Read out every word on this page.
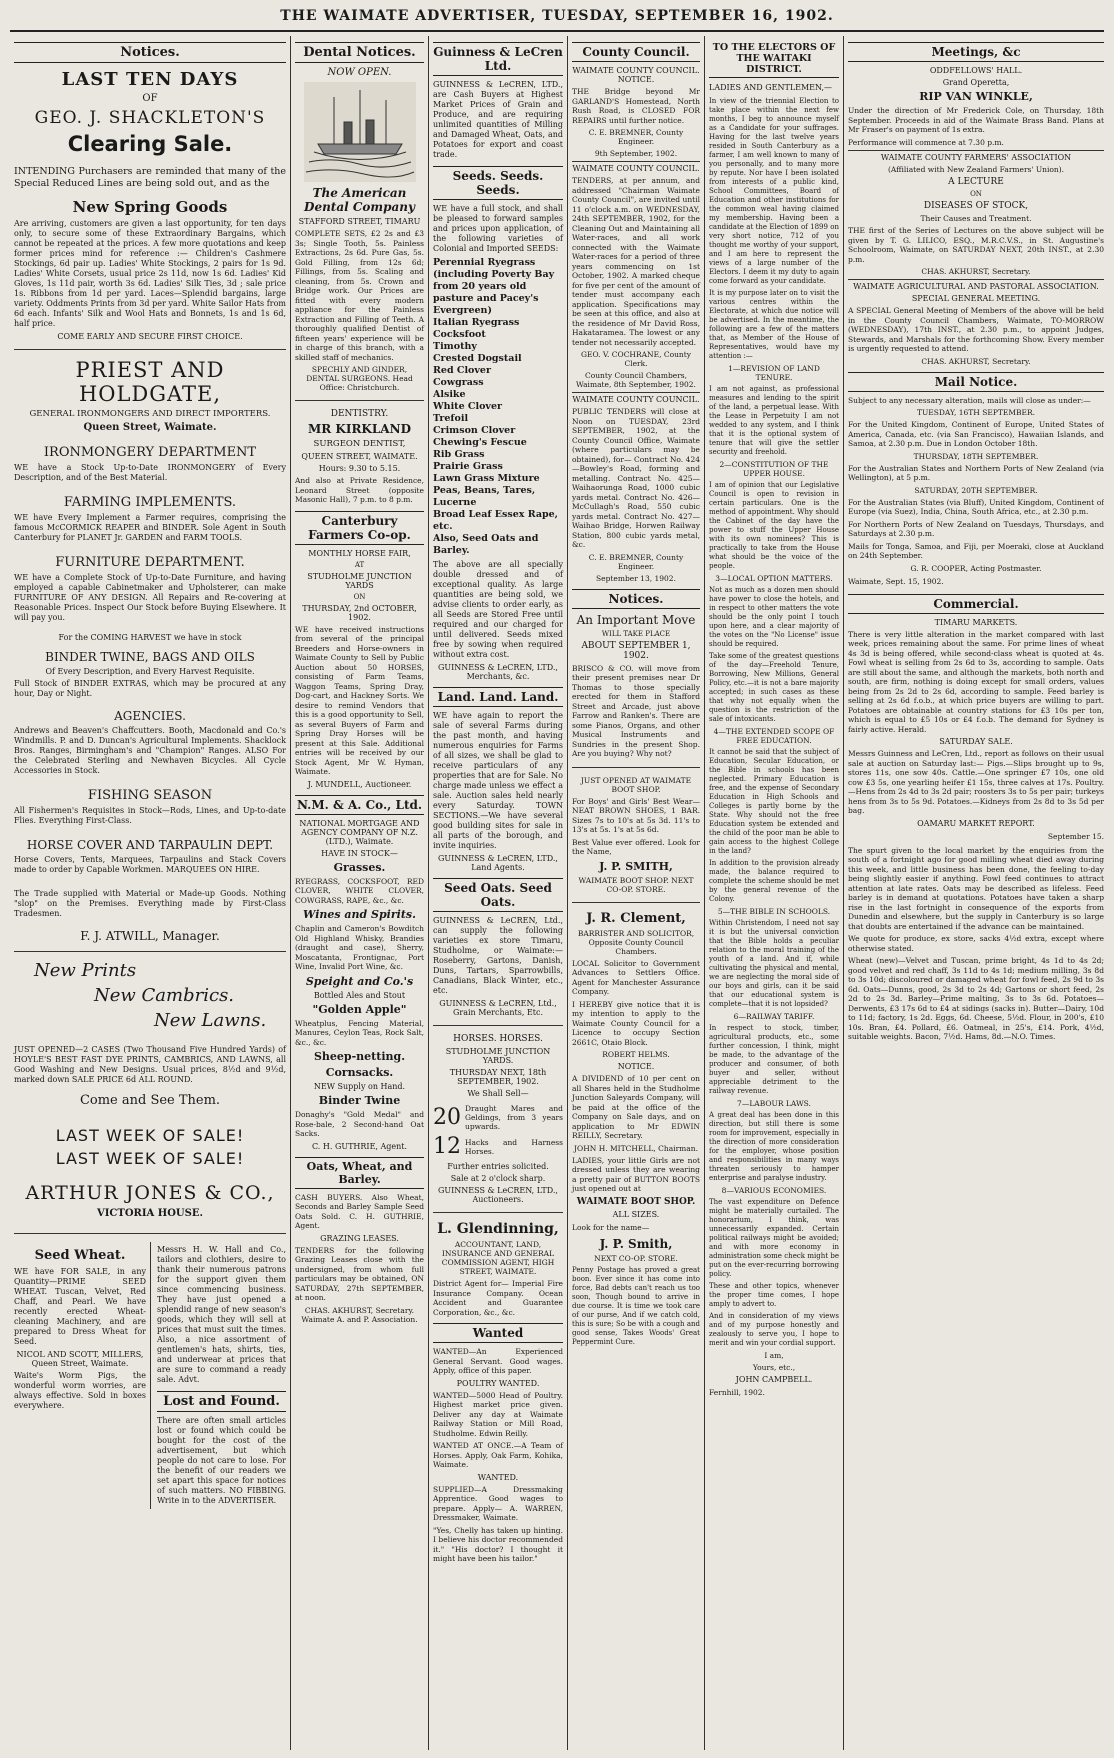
THE WAIMATE ADVERTISER, TUESDAY, SEPTEMBER 16, 1902.
Notices.
LAST TEN DAYS
OF
GEO. J. SHACKLETON'S
Clearing Sale.
INTENDING Purchasers are reminded that many of the Special Reduced Lines are being sold out, and as the
New Spring Goods
Are arriving, customers are given a last opportunity, for ten days only, to secure some of these Extraordinary Bargains, which cannot be repeated at the prices. A few more quotations and keep former prices mind for reference :— Children's Cashmere Stockings, 6d pair up. Ladies' White Stockings, 2 pairs for 1s 9d. Ladies' White Corsets, usual price 2s 11d, now 1s 6d. Ladies' Kid Gloves, 1s 11d pair, worth 3s 6d. Ladies' Silk Ties, 3d ; sale price 1s. Ribbons from 1d per yard. Laces—Splendid bargains, large variety. Oddments Prints from 3d per yard. White Sailor Hats from 6d each. Infants' Silk and Wool Hats and Bonnets, 1s and 1s 6d, half price.
COME EARLY AND SECURE FIRST CHOICE.
PRIEST AND HOLDGATE,
GENERAL IRONMONGERS AND DIRECT IMPORTERS.
Queen Street, Waimate.
IRONMONGERY DEPARTMENT
WE have a Stock Up-to-Date IRONMONGERY of Every Description, and of the Best Material.
FARMING IMPLEMENTS.
WE have Every Implement a Farmer requires, comprising the famous McCORMICK REAPER and BINDER. Sole Agent in South Canterbury for PLANET Jr. GARDEN and FARM TOOLS.
FURNITURE DEPARTMENT.
WE have a Complete Stock of Up-to-Date Furniture, and having employed a capable Cabinetmaker and Upholsterer, can make FURNITURE OF ANY DESIGN. All Repairs and Re-covering at Reasonable Prices. Inspect Our Stock before Buying Elsewhere. It will pay you.
For the COMING HARVEST we have in stock
BINDER TWINE, BAGS AND OILS
Of Every Description, and Every Harvest Requisite.
Full Stock of BINDER EXTRAS, which may be procured at any hour, Day or Night.
AGENCIES.
Andrews and Beaven's Chaffcutters. Booth, Macdonald and Co.'s Windmills. P. and D. Duncan's Agricultural Implements. Shacklock Bros. Ranges, Birmingham's and "Champion" Ranges. ALSO For the Celebrated Sterling and Newhaven Bicycles. All Cycle Accessories in Stock.
FISHING SEASON
All Fishermen's Requisites in Stock—Rods, Lines, and Up-to-date Flies. Everything First-Class.
HORSE COVER AND TARPAULIN DEPT.
Horse Covers, Tents, Marquees, Tarpaulins and Stack Covers made to order by Capable Workmen. MARQUEES ON HIRE.
The Trade supplied with Material or Made-up Goods. Nothing "slop" on the Premises. Everything made by First-Class Tradesmen.
F. J. ATWILL, Manager.
New Prints
New Cambrics.
New Lawns.
JUST OPENED—2 CASES (Two Thousand Five Hundred Yards) of HOYLE'S BEST FAST DYE PRINTS, CAMBRICS, AND LAWNS, all Good Washing and New Designs. Usual prices, 8½d and 9½d, marked down SALE PRICE 6d ALL ROUND.
Come and See Them.
LAST WEEK OF SALE!
LAST WEEK OF SALE!
ARTHUR JONES & CO.,
VICTORIA HOUSE.
Seed Wheat.
WE have FOR SALE, in any Quantity—PRIME SEED WHEAT. Tuscan, Velvet, Red Chaff, and Pearl. We have recently erected Wheat-cleaning Machinery, and are prepared to Dress Wheat for Seed.
NICOL AND SCOTT, MILLERS, Queen Street, Waimate.
Waite's Worm Pigs, the wonderful worm worries, are always effective. Sold in boxes everywhere.
Messrs H. W. Hall and Co., tailors and clothiers, desire to thank their numerous patrons for the support given them since commencing business. They have just opened a splendid range of new season's goods, which they will sell at prices that must suit the times. Also, a nice assortment of gentlemen's hats, shirts, ties, and underwear at prices that are sure to command a ready sale. Advt.
Lost and Found.
There are often small articles lost or found which could be bought for the cost of the advertisement, but which people do not care to lose. For the benefit of our readers we set apart this space for notices of such matters. NO FIBBING. Write in to the ADVERTISER.
Dental Notices.
NOW OPEN.
The American Dental Company
STAFFORD STREET, TIMARU
COMPLETE SETS, £2 2s and £3 3s; Single Tooth, 5s. Painless Extractions, 2s 6d. Pure Gas, 5s. Gold Filling, from 12s 6d; Fillings, from 5s. Scaling and cleaning, from 5s. Crown and Bridge work. Our Prices are fitted with every modern appliance for the Painless Extraction and Filling of Teeth. A thoroughly qualified Dentist of fifteen years' experience will be in charge of this branch, with a skilled staff of mechanics.
SPECHLY AND GINDER, DENTAL SURGEONS. Head Office: Christchurch.
DENTISTRY.
MR KIRKLAND
SURGEON DENTIST,
QUEEN STREET, WAIMATE.
Hours: 9.30 to 5.15.
And also at Private Residence, Leonard Street (opposite Masonic Hall), 7 p.m. to 8 p.m.
Canterbury Farmers Co-op.
MONTHLY HORSE FAIR,
AT
STUDHOLME JUNCTION YARDS
ON
THURSDAY, 2nd OCTOBER, 1902.
WE have received instructions from several of the principal Breeders and Horse-owners in Waimate County to Sell by Public Auction about 50 HORSES, consisting of Farm Teams, Waggon Teams, Spring Dray, Dog-cart, and Hackney Sorts. We desire to remind Vendors that this is a good opportunity to Sell, as several Buyers of Farm and Spring Dray Horses will be present at this Sale. Additional entries will be received by our Stock Agent, Mr W. Hyman, Waimate.
J. MUNDELL, Auctioneer.
N.M. & A. Co., Ltd.
NATIONAL MORTGAGE AND AGENCY COMPANY OF N.Z. (LTD.), Waimate.
HAVE IN STOCK—
Grasses.
RYEGRASS, COCKSFOOT, RED CLOVER, WHITE CLOVER, COWGRASS, RAPE, &c., &c.
Wines and Spirits.
Chaplin and Cameron's Bowditch Old Highland Whisky, Brandies (draught and case), Sherry, Moscatanta, Frontignac, Port Wine, Invalid Port Wine, &c.
Speight and Co.'s
Bottled Ales and Stout
"Golden Apple"
Wheatplus, Fencing Material, Manures, Ceylon Teas, Rock Salt, &c., &c.
Sheep-netting.
Cornsacks.
NEW Supply on Hand.
Binder Twine
Donaghy's "Gold Medal" and Rose-bale, 2 Second-hand Oat Sacks.
C. H. GUTHRIE, Agent.
Oats, Wheat, and Barley.
CASH BUYERS. Also Wheat, Seconds and Barley Sample Seed Oats Sold. C. H. GUTHRIE, Agent.
GRAZING LEASES.
TENDERS for the following Grazing Leases close with the undersigned, from whom full particulars may be obtained, ON SATURDAY, 27th SEPTEMBER, at noon.
CHAS. AKHURST, Secretary. Waimate A. and P. Association.
Guinness & LeCren Ltd.
GUINNESS & LeCREN, LTD., are Cash Buyers at Highest Market Prices of Grain and Produce, and are requiring unlimited quantities of Milling and Damaged Wheat, Oats, and Potatoes for export and coast trade.
Seeds. Seeds. Seeds.
WE have a full stock, and shall be pleased to forward samples and prices upon application, of the following varieties of Colonial and Imported SEEDS:
Perennial Ryegrass (including Poverty Bay from 20 years old pasture and Pacey's Evergreen)
Italian Ryegrass
Cocksfoot
Timothy
Crested Dogstail
Red Clover
Cowgrass
Alsike
White Clover
Trefoil
Crimson Clover
Chewing's Fescue
Rib Grass
Prairie Grass
Lawn Grass Mixture
Peas, Beans, Tares, Lucerne
Broad Leaf Essex Rape, etc.
Also, Seed Oats and Barley.
The above are all specially double dressed and of exceptional quality. As large quantities are being sold, we advise clients to order early, as all Seeds are Stored Free until required and our charged for until delivered. Seeds mixed free by sowing when required without extra cost.
GUINNESS & LeCREN, LTD., Merchants, &c.
Land. Land. Land.
WE have again to report the sale of several Farms during the past month, and having numerous enquiries for Farms of all sizes, we shall be glad to receive particulars of any properties that are for Sale. No charge made unless we effect a sale. Auction sales held nearly every Saturday. TOWN SECTIONS.—We have several good building sites for sale in all parts of the borough, and invite inquiries.
GUINNESS & LeCREN, LTD., Land Agents.
Seed Oats. Seed Oats.
GUINNESS & LeCREN, Ltd., can supply the following varieties ex store Timaru, Studholme, or Waimate:—Roseberry, Gartons, Danish, Duns, Tartars, Sparrowbills, Canadians, Black Winter, etc., etc.
GUINNESS & LeCREN, Ltd., Grain Merchants, Etc.
HORSES. HORSES.
STUDHOLME JUNCTION YARDS.
THURSDAY NEXT, 18th SEPTEMBER, 1902.
We Shall Sell—
20 Draught Mares and Geldings, from 3 years upwards.
12 Hacks and Harness Horses.
Further entries solicited.
Sale at 2 o'clock sharp.
GUINNESS & LeCREN, LTD., Auctioneers.
L. Glendinning,
ACCOUNTANT, LAND, INSURANCE AND GENERAL COMMISSION AGENT, HIGH STREET, WAIMATE.
District Agent for— Imperial Fire Insurance Company. Ocean Accident and Guarantee Corporation, &c., &c.
Wanted
WANTED—An Experienced General Servant. Good wages. Apply, office of this paper.
POULTRY WANTED.
WANTED—5000 Head of Poultry. Highest market price given. Deliver any day at Waimate Railway Station or Mill Road, Studholme. Edwin Reilly.
WANTED AT ONCE.—A Team of Horses. Apply, Oak Farm, Kohika, Waimate.
WANTED.
SUPPLIED—A Dressmaking Apprentice. Good wages to prepare. Apply— A. WARREN, Dressmaker, Waimate.
"Yes, Chelly has taken up hinting. I believe his doctor recommended it." "His doctor? I thought it might have been his tailor."
County Council.
WAIMATE COUNTY COUNCIL. NOTICE.
THE Bridge beyond Mr GARLAND'S Homestead, North Rush Road, is CLOSED FOR REPAIRS until further notice.
C. E. BREMNER, County Engineer.
9th September, 1902.
WAIMATE COUNTY COUNCIL.
TENDERS, at per annum, and addressed "Chairman Waimate County Council", are invited until 11 o'clock a.m. on WEDNESDAY, 24th SEPTEMBER, 1902, for the Cleaning Out and Maintaining all Water-races, and all work connected with the Waimate Water-races for a period of three years commencing on 1st October, 1902. A marked cheque for five per cent of the amount of tender must accompany each application. Specifications may be seen at this office, and also at the residence of Mr David Ross, Hakataramea. The lowest or any tender not necessarily accepted.
GEO. V. COCHRANE, County Clerk.
County Council Chambers, Waimate, 8th September, 1902.
WAIMATE COUNTY COUNCIL.
PUBLIC TENDERS will close at Noon on TUESDAY, 23rd SEPTEMBER, 1902, at the County Council Office, Waimate (where particulars may be obtained), for— Contract No. 424—Bowley's Road, forming and metalling. Contract No. 425—Waihaorunga Road, 1000 cubic yards metal. Contract No. 426—McCullagh's Road, 550 cubic yards metal. Contract No. 427—Waihao Bridge, Horwen Railway Station, 800 cubic yards metal, &c.
C. E. BREMNER, County Engineer.
September 13, 1902.
Notices.
An Important Move
WILL TAKE PLACE
ABOUT SEPTEMBER 1, 1902.
BRISCO & CO. will move from their present premises near Dr Thomas to those specially erected for them in Stafford Street and Arcade, just above Farrow and Ranken's. There are some Pianos, Organs, and other Musical Instruments and Sundries in the present Shop. Are you buying? Why not?
JUST OPENED AT WAIMATE BOOT SHOP.
For Boys' and Girls' Best Wear— NEAT BROWN SHOES, 1 BAR. Sizes 7s to 10's at 5s 3d. 11's to 13's at 5s. 1's at 5s 6d.
Best Value ever offered. Look for the Name,
J. P. SMITH,
WAIMATE BOOT SHOP. NEXT CO-OP. STORE.
J. R. Clement,
BARRISTER AND SOLICITOR, Opposite County Council Chambers.
LOCAL Solicitor to Government Advances to Settlers Office. Agent for Manchester Assurance Company.
I HEREBY give notice that it is my intention to apply to the Waimate County Council for a Licence to occupy Section 2661C, Otaio Block.
ROBERT HELMS.
NOTICE.
A DIVIDEND of 10 per cent on all Shares held in the Studholme Junction Saleyards Company, will be paid at the office of the Company on Sale days, and on application to Mr EDWIN REILLY, Secretary.
JOHN H. MITCHELL, Chairman.
LADIES, your little Girls are not dressed unless they are wearing a pretty pair of BUTTON BOOTS just opened out at
WAIMATE BOOT SHOP.
ALL SIZES.
Look for the name—
J. P. Smith,
NEXT CO-OP. STORE.
Penny Postage has proved a great boon. Ever since it has come into force, Bad debts can't reach us too soon, Though bound to arrive in due course. It is time we took care of our purse, And if we catch cold, this is sure; So be with a cough and good sense, Takes Woods' Great Peppermint Cure.
TO THE ELECTORS OF THE WAITAKI DISTRICT.
LADIES AND GENTLEMEN,—
In view of the triennial Election to take place within the next few months, I beg to announce myself as a Candidate for your suffrages. Having for the last twelve years resided in South Canterbury as a farmer, I am well known to many of you personally, and to many more by repute. Nor have I been isolated from interests of a public kind, School Committees, Board of Education and other institutions for the common weal having claimed my membership. Having been a candidate at the Election of 1899 on very short notice, 712 of you thought me worthy of your support, and I am here to represent the views of a large number of the Electors. I deem it my duty to again come forward as your candidate.
It is my purpose later on to visit the various centres within the Electorate, at which due notice will be advertised. In the meantime, the following are a few of the matters that, as Member of the House of Representatives, would have my attention :—
1—REVISION OF LAND TENURE.
I am not against, as professional measures and lending to the spirit of the land, a perpetual lease. With the Lease in Perpetuity I am not wedded to any system, and I think that it is the optional system of tenure that will give the settler security and freehold.
2—CONSTITUTION OF THE UPPER HOUSE.
I am of opinion that our Legislative Council is open to revision in certain particulars. One is the method of appointment. Why should the Cabinet of the day have the power to stuff the Upper House with its own nominees? This is practically to take from the House what should be the voice of the people.
3—LOCAL OPTION MATTERS.
Not as much as a dozen men should have power to close the hotels, and in respect to other matters the vote should be the only point I touch upon here, and a clear majority of the votes on the "No License" issue should be required.
Take some of the greatest questions of the day—Freehold Tenure, Borrowing, New Millions, General Policy, etc.—it is not a bare majority accepted; in such cases as these that why not equally when the question is the restriction of the sale of intoxicants.
4—THE EXTENDED SCOPE OF FREE EDUCATION.
It cannot be said that the subject of Education, Secular Education, or the Bible in schools has been neglected. Primary Education is free, and the expense of Secondary Education in High Schools and Colleges is partly borne by the State. Why should not the free Education system be extended and the child of the poor man be able to gain access to the highest College in the land?
In addition to the provision already made, the balance required to complete the scheme should be met by the general revenue of the Colony.
5—THE BIBLE IN SCHOOLS.
Within Christendom, I need not say it is but the universal conviction that the Bible holds a peculiar relation to the moral training of the youth of a land. And if, while cultivating the physical and mental, we are neglecting the moral side of our boys and girls, can it be said that our educational system is complete—that it is not lopsided?
6—RAILWAY TARIFF.
In respect to stock, timber, agricultural products, etc., some further concession, I think, might be made, to the advantage of the producer and consumer, of both buyer and seller, without appreciable detriment to the railway revenue.
7—LABOUR LAWS.
A great deal has been done in this direction, but still there is some room for improvement, especially in the direction of more consideration for the employer, whose position and responsibilities in many ways threaten seriously to hamper enterprise and paralyse industry.
8—VARIOUS ECONOMIES.
The vast expenditure on Defence might be materially curtailed. The honorarium, I think, was unnecessarily expanded. Certain political railways might be avoided; and with more economy in administration some check might be put on the ever-recurring borrowing policy.
These and other topics, whenever the proper time comes, I hope amply to advert to.
And in consideration of my views and of my purpose honestly and zealously to serve you, I hope to merit and win your cordial support.
I am,
Yours, etc.,
JOHN CAMPBELL.
Fernhill, 1902.
Meetings, &c
ODDFELLOWS' HALL.
Grand Operetta,
RIP VAN WINKLE,
Under the direction of Mr Frederick Cole, on Thursday, 18th September. Proceeds in aid of the Waimate Brass Band. Plans at Mr Fraser's on payment of 1s extra.
Performance will commence at 7.30 p.m.
WAIMATE COUNTY FARMERS' ASSOCIATION
(Affiliated with New Zealand Farmers' Union).
A LECTURE
ON
DISEASES OF STOCK,
Their Causes and Treatment.
THE first of the Series of Lectures on the above subject will be given by T. G. LILICO, ESQ., M.R.C.V.S., in St. Augustine's Schoolroom, Waimate, on SATURDAY NEXT, 20th INST., at 2.30 p.m.
CHAS. AKHURST, Secretary.
WAIMATE AGRICULTURAL AND PASTORAL ASSOCIATION.
SPECIAL GENERAL MEETING.
A SPECIAL General Meeting of Members of the above will be held in the County Council Chambers, Waimate, TO-MORROW (WEDNESDAY), 17th INST., at 2.30 p.m., to appoint Judges, Stewards, and Marshals for the forthcoming Show. Every member is urgently requested to attend.
CHAS. AKHURST, Secretary.
Mail Notice.
Subject to any necessary alteration, mails will close as under:—
TUESDAY, 16TH SEPTEMBER.
For the United Kingdom, Continent of Europe, United States of America, Canada, etc. (via San Francisco), Hawaiian Islands, and Samoa, at 2.30 p.m. Due in London October 18th.
THURSDAY, 18TH SEPTEMBER.
For the Australian States and Northern Ports of New Zealand (via Wellington), at 5 p.m.
SATURDAY, 20TH SEPTEMBER.
For the Australian States (via Bluff), United Kingdom, Continent of Europe (via Suez), India, China, South Africa, etc., at 2.30 p.m.
For Northern Ports of New Zealand on Tuesdays, Thursdays, and Saturdays at 2.30 p.m.
Mails for Tonga, Samoa, and Fiji, per Moeraki, close at Auckland on 24th September.
G. R. COOPER, Acting Postmaster.
Waimate, Sept. 15, 1902.
Commercial.
TIMARU MARKETS.
There is very little alteration in the market compared with last week, prices remaining about the same. For prime lines of wheat 4s 3d is being offered, while second-class wheat is quoted at 4s. Fowl wheat is selling from 2s 6d to 3s, according to sample. Oats are still about the same, and although the markets, both north and south, are firm, nothing is doing except for small orders, values being from 2s 2d to 2s 6d, according to sample. Feed barley is selling at 2s 6d f.o.b., at which price buyers are willing to part. Potatoes are obtainable at country stations for £3 10s per ton, which is equal to £5 10s or £4 f.o.b. The demand for Sydney is fairly active. Herald.
SATURDAY SALE.
Messrs Guinness and LeCren, Ltd., report as follows on their usual sale at auction on Saturday last:— Pigs.—Slips brought up to 9s, stores 11s, one sow 40s. Cattle.—One springer £7 10s, one old cow £3 5s, one yearling heifer £1 15s, three calves at 17s. Poultry.—Hens from 2s 4d to 3s 2d pair; roosters 3s to 5s per pair; turkeys hens from 3s to 5s 9d. Potatoes.—Kidneys from 2s 8d to 3s 5d per bag.
OAMARU MARKET REPORT.
September 15.
The spurt given to the local market by the enquiries from the south of a fortnight ago for good milling wheat died away during this week, and little business has been done, the feeling to-day being slightly easier if anything. Fowl feed continues to attract attention at late rates. Oats may be described as lifeless. Feed barley is in demand at quotations. Potatoes have taken a sharp rise in the last fortnight in consequence of the exports from Dunedin and elsewhere, but the supply in Canterbury is so large that doubts are entertained if the advance can be maintained.
We quote for produce, ex store, sacks 4½d extra, except where otherwise stated.
Wheat (new)—Velvet and Tuscan, prime bright, 4s 1d to 4s 2d; good velvet and red chaff, 3s 11d to 4s 1d; medium milling, 3s 8d to 3s 10d; discoloured or damaged wheat for fowl feed, 2s 9d to 3s 6d. Oats—Dunns, good, 2s 3d to 2s 4d; Gartons or short feed, 2s 2d to 2s 3d. Barley—Prime malting, 3s to 3s 6d. Potatoes—Derwents, £3 17s 6d to £4 at sidings (sacks in). Butter—Dairy, 10d to 11d; factory, 1s 2d. Eggs, 6d. Cheese, 5½d. Flour, in 200's, £10 10s. Bran, £4. Pollard, £6. Oatmeal, in 25's, £14. Pork, 4½d, suitable weights. Bacon, 7½d. Hams, 8d.—N.O. Times.
